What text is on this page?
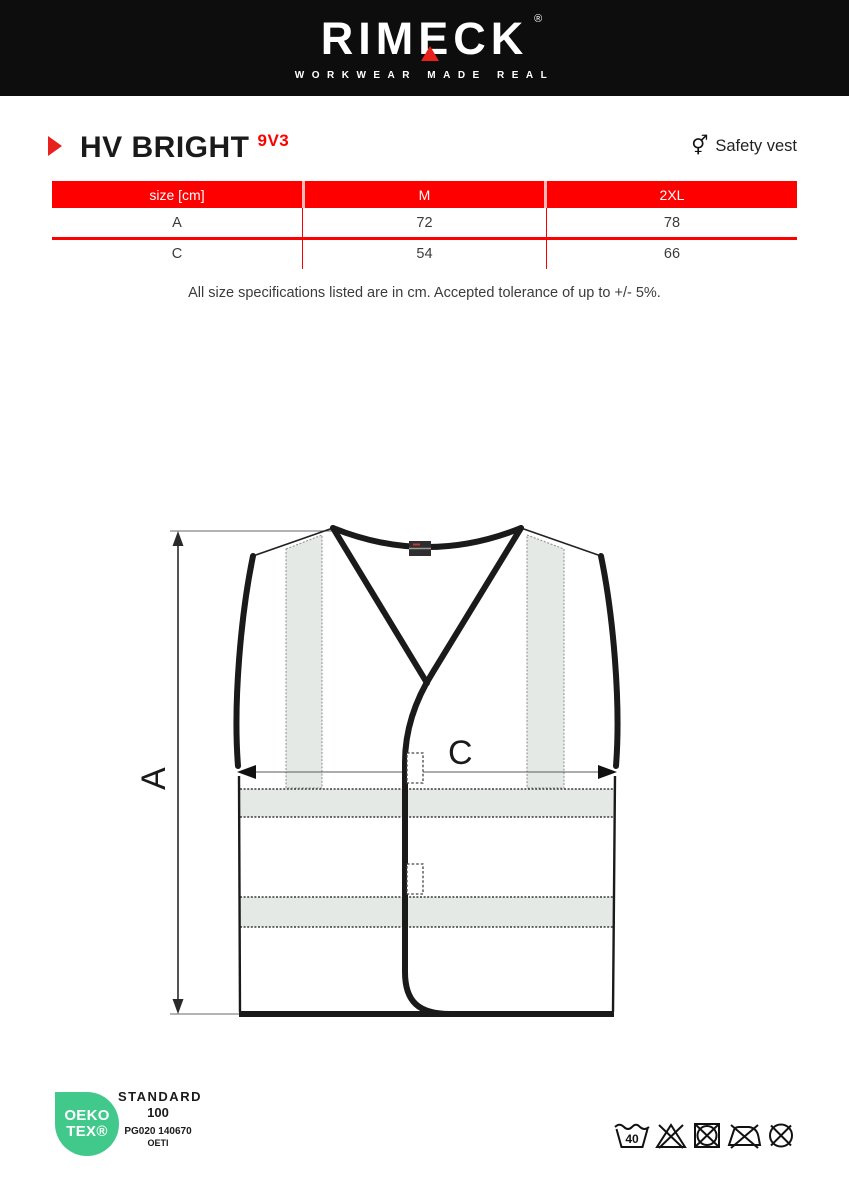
RIMECK ®
WORKWEAR MADE REAL
HV BRIGHT $^{9V3}$	⚥ Safety vest
size [cm]	M	2XL
A	72	78
C	54	66
All size specifications listed are in cm. Accepted tolerance of up to +/- 5%.
A
C
OEKO
TEX®
STANDARD
100
PG020 140670
OETI	40
